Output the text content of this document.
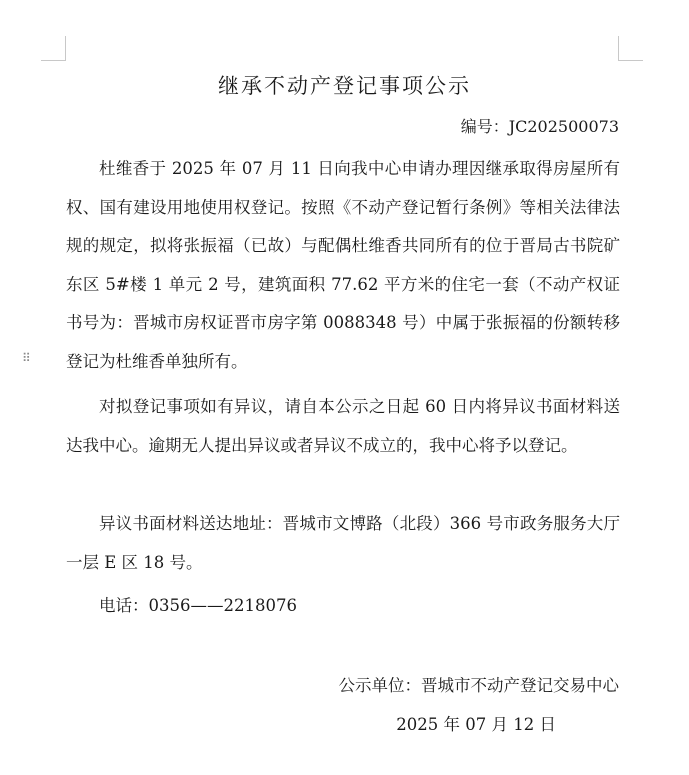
⠿
继承不动产登记事项公示
编号：JC202500073

杜维香于 2025 年 07 月 11 日向我中心申请办理因继承取得房屋所有权、国有建设用地使用权登记。按照《不动产登记暂行条例》等相关法律法规的规定，拟将张振福（已故）与配偶杜维香共同所有的位于晋局古书院矿东区 5#楼 1 单元 2 号，建筑面积 77.62 平方米的住宅一套（不动产权证书号为：晋城市房权证晋市房字第 0088348 号）中属于张振福的份额转移登记为杜维香单独所有。

对拟登记事项如有异议，请自本公示之日起 60 日内将异议书面材料送达我中心。逾期无人提出异议或者异议不成立的，我中心将予以登记。

异议书面材料送达地址：晋城市文博路（北段）366 号市政务服务大厅一层 E 区 18 号。

电话：0356——2218076

公示单位：晋城市不动产登记交易中心
2025 年 07 月 12 日
